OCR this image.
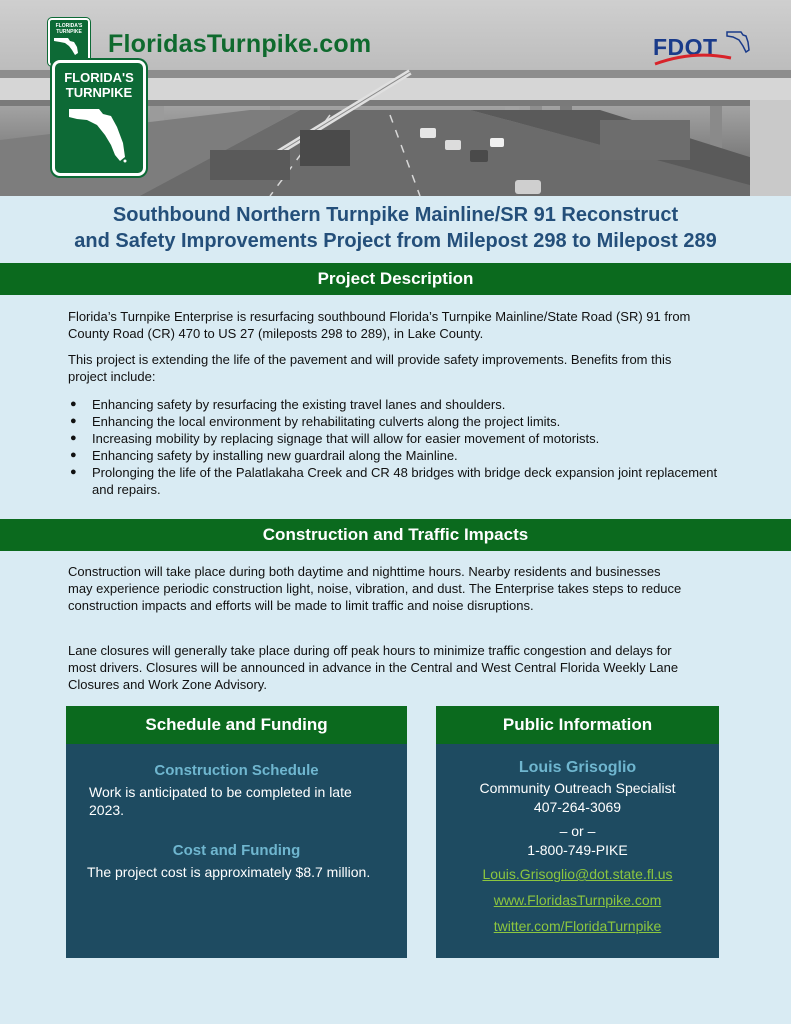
FLORIDA'S TURNPIKE FloridasTurnpike.com
FLORIDA'S
TURNPIKE
FDOT
Southbound Northern Turnpike Mainline/SR 91 Reconstruct
and Safety Improvements Project from Milepost 298 to Milepost 289
Project Description
Florida’s Turnpike Enterprise is resurfacing southbound Florida’s Turnpike Mainline/State Road (SR) 91 from County Road (CR) 470 to US 27 (mileposts 298 to 289), in Lake County.
This project is extending the life of the pavement and will provide safety improvements. Benefits from this project include:
● Enhancing safety by resurfacing the existing travel lanes and shoulders.
● Enhancing the local environment by rehabilitating culverts along the project limits.
● Increasing mobility by replacing signage that will allow for easier movement of motorists.
● Enhancing safety by installing new guardrail along the Mainline.
● Prolonging the life of the Palatlakaha Creek and CR 48 bridges with bridge deck expansion joint replacement and repairs.
Construction and Traffic Impacts
Construction will take place during both daytime and nighttime hours. Nearby residents and businesses may experience periodic construction light, noise, vibration, and dust. The Enterprise takes steps to reduce construction impacts and efforts will be made to limit traffic and noise disruptions.
Lane closures will generally take place during off peak hours to minimize traffic congestion and delays for most drivers. Closures will be announced in advance in the Central and West Central Florida Weekly Lane Closures and Work Zone Advisory.
Schedule and Funding
Construction Schedule
Work is anticipated to be completed in late 2023.
Cost and Funding
The project cost is approximately $8.7 million.
Public Information
Louis Grisoglio
Community Outreach Specialist
407-264-3069
– or –
1-800-749-PIKE
Louis.Grisoglio@dot.state.fl.us
www.FloridasTurnpike.com
twitter.com/FloridaTurnpike
